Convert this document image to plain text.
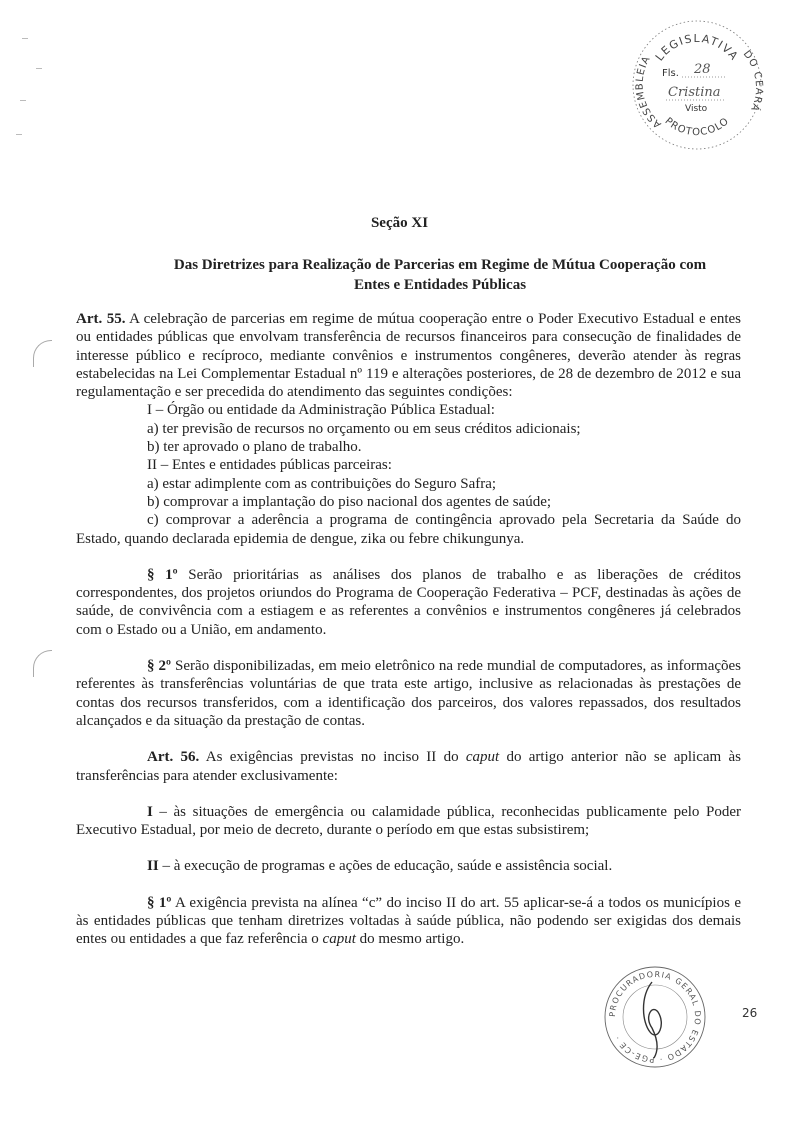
LEGISLATIVA
ASSEMBLEIA	DO CEARÁ
PROTOCOLO
Fls. 28
Cristina
Visto
PROCURADORIA GERAL DO ESTADO · PGE-CE ·
26
Seção XI
Das Diretrizes para Realização de Parcerias em Regime de Mútua Cooperação com
Entes e Entidades Públicas

Art. 55. A celebração de parcerias em regime de mútua cooperação entre o Poder Executivo Estadual e entes ou entidades públicas que envolvam transferência de recursos financeiros para consecução de finalidades de interesse público e recíproco, mediante convênios e instrumentos congêneres, deverão atender às regras estabelecidas na Lei Complementar Estadual nº 119 e alterações posteriores, de 28 de dezembro de 2012 e sua regulamentação e ser precedida do atendimento das seguintes condições:

I – Órgão ou entidade da Administração Pública Estadual:

a) ter previsão de recursos no orçamento ou em seus créditos adicionais;

b) ter aprovado o plano de trabalho.

II – Entes e entidades públicas parceiras:

a) estar adimplente com as contribuições do Seguro Safra;

b) comprovar a implantação do piso nacional dos agentes de saúde;

c) comprovar a aderência a programa de contingência aprovado pela Secretaria da Saúde do Estado, quando declarada epidemia de dengue, zika ou febre chikungunya.

§ 1º Serão prioritárias as análises dos planos de trabalho e as liberações de créditos correspondentes, dos projetos oriundos do Programa de Cooperação Federativa – PCF, destinadas às ações de saúde, de convivência com a estiagem e as referentes a convênios e instrumentos congêneres já celebrados com o Estado ou a União, em andamento.

§ 2º Serão disponibilizadas, em meio eletrônico na rede mundial de computadores, as informações referentes às transferências voluntárias de que trata este artigo, inclusive as relacionadas às prestações de contas dos recursos transferidos, com a identificação dos parceiros, dos valores repassados, dos resultados alcançados e da situação da prestação de contas.

Art. 56. As exigências previstas no inciso II do caput do artigo anterior não se aplicam às transferências para atender exclusivamente:

I – às situações de emergência ou calamidade pública, reconhecidas publicamente pelo Poder Executivo Estadual, por meio de decreto, durante o período em que estas subsistirem;

II – à execução de programas e ações de educação, saúde e assistência social.

§ 1º A exigência prevista na alínea “c” do inciso II do art. 55 aplicar-se-á a todos os municípios e às entidades públicas que tenham diretrizes voltadas à saúde pública, não podendo ser exigidas dos demais entes ou entidades a que faz referência o caput do mesmo artigo.
